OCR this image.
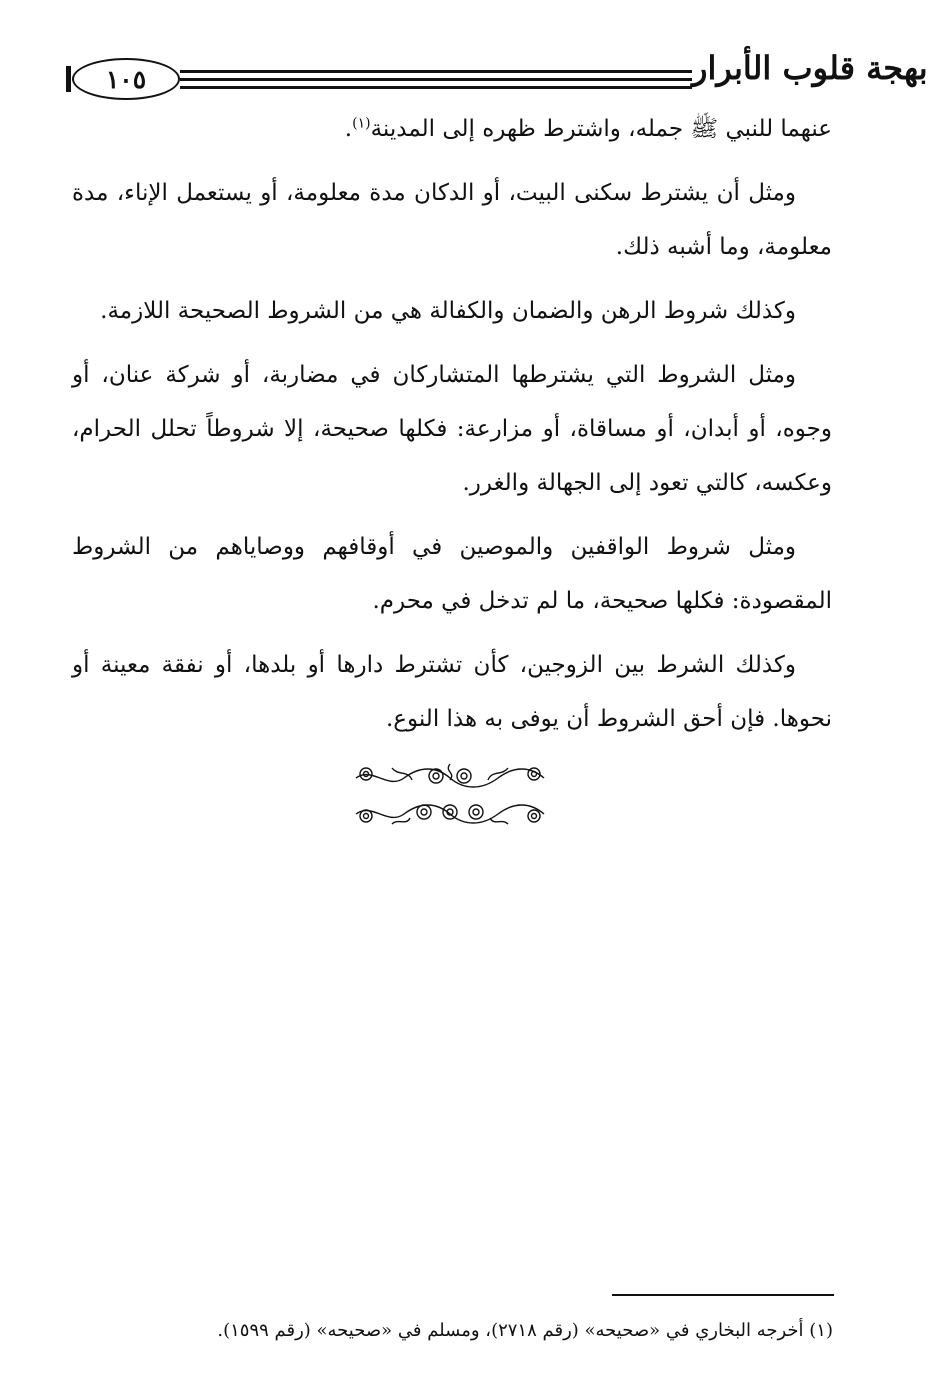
١٠٥	بهجة قلوب الأبرار

عنهما للنبي ﷺ جمله، واشترط ظهره إلى المدينة$^{(١)}$.

ومثل أن يشترط سكنى البيت، أو الدكان مدة معلومة، أو يستعمل الإناء، مدة معلومة، وما أشبه ذلك.

وكذلك شروط الرهن والضمان والكفالة هي من الشروط الصحيحة اللازمة.

ومثل الشروط التي يشترطها المتشاركان في مضاربة، أو شركة عنان، أو وجوه، أو أبدان، أو مساقاة، أو مزارعة: فكلها صحيحة، إلا شروطاً تحلل الحرام، وعكسه، كالتي تعود إلى الجهالة والغرر.

ومثل شروط الواقفين والموصين في أوقافهم ووصاياهم من الشروط المقصودة: فكلها صحيحة، ما لم تدخل في محرم.

وكذلك الشرط بين الزوجين، كأن تشترط دارها أو بلدها، أو نفقة معينة أو نحوها. فإن أحق الشروط أن يوفى به هذا النوع.

(١) أخرجه البخاري في «صحيحه» (رقم ٢٧١٨)، ومسلم في «صحيحه» (رقم ١٥٩٩).
